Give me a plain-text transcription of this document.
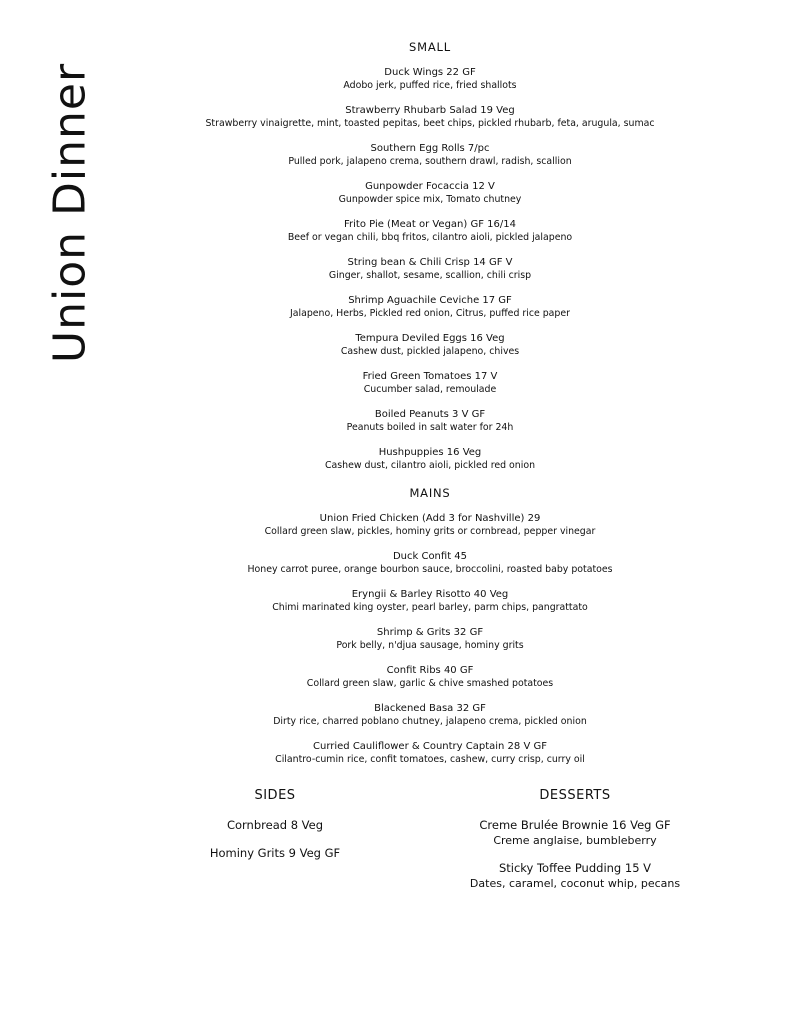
Union Dinner
SMALL
Duck Wings 22 GF
Adobo jerk, puffed rice, fried shallots
Strawberry Rhubarb Salad 19 Veg
Strawberry vinaigrette, mint, toasted pepitas, beet chips, pickled rhubarb, feta, arugula, sumac
Southern Egg Rolls 7/pc
Pulled pork, jalapeno crema, southern drawl, radish, scallion
Gunpowder Focaccia 12 V
Gunpowder spice mix, Tomato chutney
Frito Pie (Meat or Vegan) GF 16/14
Beef or vegan chili, bbq fritos, cilantro aioli, pickled jalapeno
String bean & Chili Crisp 14 GF V
Ginger, shallot, sesame, scallion, chili crisp
Shrimp Aguachile Ceviche 17 GF
Jalapeno, Herbs, Pickled red onion, Citrus, puffed rice paper
Tempura Deviled Eggs 16 Veg
Cashew dust, pickled jalapeno, chives
Fried Green Tomatoes 17 V
Cucumber salad, remoulade
Boiled Peanuts 3 V GF
Peanuts boiled in salt water for 24h
Hushpuppies 16 Veg
Cashew dust, cilantro aioli, pickled red onion
MAINS
Union Fried Chicken (Add 3 for Nashville) 29
Collard green slaw, pickles, hominy grits or cornbread, pepper vinegar
Duck Confit 45
Honey carrot puree, orange bourbon sauce, broccolini, roasted baby potatoes
Eryngii & Barley Risotto 40 Veg
Chimi marinated king oyster, pearl barley, parm chips, pangrattato
Shrimp & Grits 32 GF
Pork belly, n'djua sausage, hominy grits
Confit Ribs 40 GF
Collard green slaw, garlic & chive smashed potatoes
Blackened Basa 32 GF
Dirty rice, charred poblano chutney, jalapeno crema, pickled onion
Curried Cauliflower & Country Captain 28 V GF
Cilantro-cumin rice, confit tomatoes, cashew, curry crisp, curry oil
SIDES
Cornbread 8 Veg
Hominy Grits 9 Veg GF
DESSERTS
Creme Brulée Brownie 16 Veg GF
Creme anglaise, bumbleberry
Sticky Toffee Pudding 15 V
Dates, caramel, coconut whip, pecans
